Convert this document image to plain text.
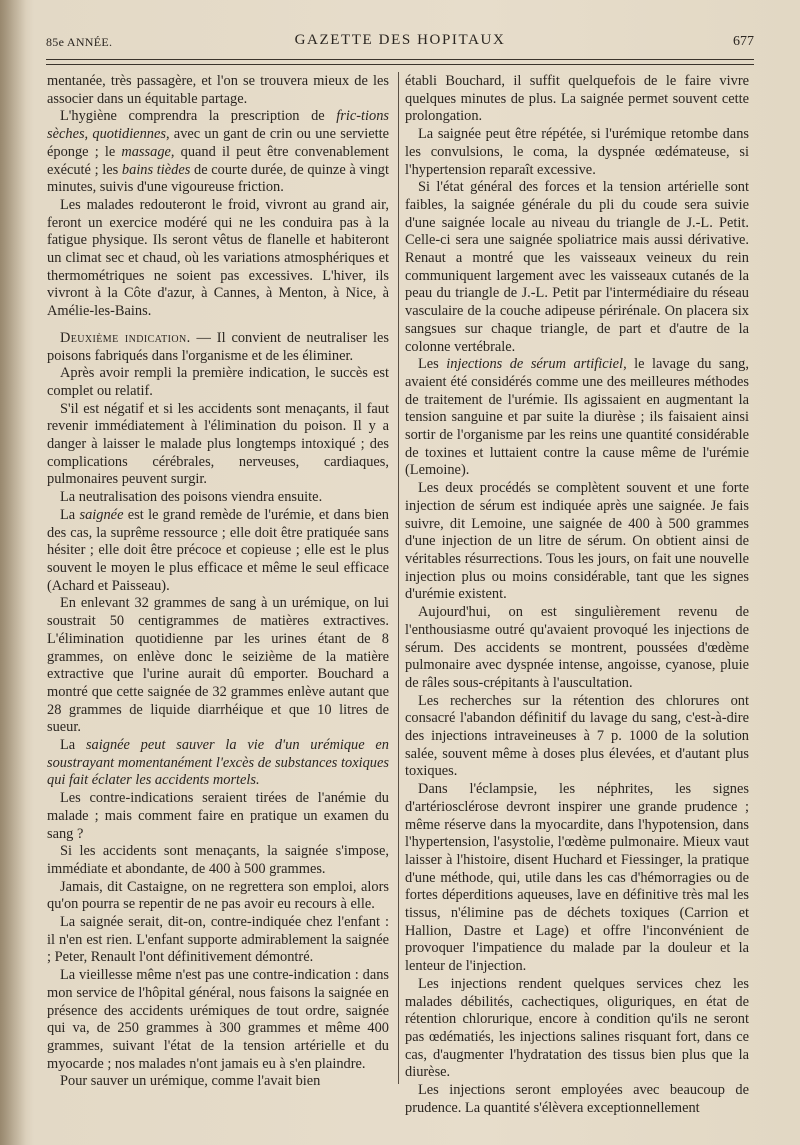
85e ANNÉE.	GAZETTE DES HOPITAUX	677

mentanée, très passagère, et l'on se trouvera mieux de les associer dans un équitable partage.

L'hygiène comprendra la prescription de fric-tions sèches, quotidiennes, avec un gant de crin ou une serviette éponge ; le massage, quand il peut être convenablement exécuté ; les bains tièdes de courte durée, de quinze à vingt minutes, suivis d'une vigoureuse friction.

Les malades redouteront le froid, vivront au grand air, feront un exercice modéré qui ne les conduira pas à la fatigue physique. Ils seront vêtus de flanelle et habiteront un climat sec et chaud, où les variations atmosphériques et thermométriques ne soient pas excessives. L'hiver, ils vivront à la Côte d'azur, à Cannes, à Menton, à Nice, à Amélie-les-Bains.

Deuxième indication. — Il convient de neutraliser les poisons fabriqués dans l'organisme et de les éliminer.

Après avoir rempli la première indication, le succès est complet ou relatif.

S'il est négatif et si les accidents sont menaçants, il faut revenir immédiatement à l'élimination du poison. Il y a danger à laisser le malade plus longtemps intoxiqué ; des complications cérébrales, nerveuses, cardiaques, pulmonaires peuvent surgir.

La neutralisation des poisons viendra ensuite.

La saignée est le grand remède de l'urémie, et dans bien des cas, la suprême ressource ; elle doit être pratiquée sans hésiter ; elle doit être précoce et copieuse ; elle est le plus souvent le moyen le plus efficace et même le seul efficace (Achard et Paisseau).

En enlevant 32 grammes de sang à un urémique, on lui soustrait 50 centigrammes de matières extractives. L'élimination quotidienne par les urines étant de 8 grammes, on enlève donc le seizième de la matière extractive que l'urine aurait dû emporter. Bouchard a montré que cette saignée de 32 grammes enlève autant que 28 grammes de liquide diarrhéique et que 10 litres de sueur.

La saignée peut sauver la vie d'un urémique en soustrayant momentanément l'excès de substances toxiques qui fait éclater les accidents mortels.

Les contre-indications seraient tirées de l'anémie du malade ; mais comment faire en pratique un examen du sang ?

Si les accidents sont menaçants, la saignée s'impose, immédiate et abondante, de 400 à 500 grammes.

Jamais, dit Castaigne, on ne regrettera son emploi, alors qu'on pourra se repentir de ne pas avoir eu recours à elle.

La saignée serait, dit-on, contre-indiquée chez l'enfant : il n'en est rien. L'enfant supporte admirablement la saignée ; Peter, Renault l'ont définitivement démontré.

La vieillesse même n'est pas une contre-indication : dans mon service de l'hôpital général, nous faisons la saignée en présence des accidents urémiques de tout ordre, saignée qui va, de 250 grammes à 300 grammes et même 400 grammes, suivant l'état de la tension artérielle et du myocarde ; nos malades n'ont jamais eu à s'en plaindre.

Pour sauver un urémique, comme l'avait bien

établi Bouchard, il suffit quelquefois de le faire vivre quelques minutes de plus. La saignée permet souvent cette prolongation.

La saignée peut être répétée, si l'urémique retombe dans les convulsions, le coma, la dyspnée œdémateuse, si l'hypertension reparaît excessive.

Si l'état général des forces et la tension artérielle sont faibles, la saignée générale du pli du coude sera suivie d'une saignée locale au niveau du triangle de J.-L. Petit. Celle-ci sera une saignée spoliatrice mais aussi dérivative. Renaut a montré que les vaisseaux veineux du rein communiquent largement avec les vaisseaux cutanés de la peau du triangle de J.-L. Petit par l'intermédiaire du réseau vasculaire de la couche adipeuse périrénale. On placera six sangsues sur chaque triangle, de part et d'autre de la colonne vertébrale.

Les injections de sérum artificiel, le lavage du sang, avaient été considérés comme une des meilleures méthodes de traitement de l'urémie. Ils agissaient en augmentant la tension sanguine et par suite la diurèse ; ils faisaient ainsi sortir de l'organisme par les reins une quantité considérable de toxines et luttaient contre la cause même de l'urémie (Lemoine).

Les deux procédés se complètent souvent et une forte injection de sérum est indiquée après une saignée. Je fais suivre, dit Lemoine, une saignée de 400 à 500 grammes d'une injection de un litre de sérum. On obtient ainsi de véritables résurrections. Tous les jours, on fait une nouvelle injection plus ou moins considérable, tant que les signes d'urémie existent.

Aujourd'hui, on est singulièrement revenu de l'enthousiasme outré qu'avaient provoqué les injections de sérum. Des accidents se montrent, poussées d'œdème pulmonaire avec dyspnée intense, angoisse, cyanose, pluie de râles sous-crépitants à l'auscultation.

Les recherches sur la rétention des chlorures ont consacré l'abandon définitif du lavage du sang, c'est-à-dire des injections intraveineuses à 7 p. 1000 de la solution salée, souvent même à doses plus élevées, et d'autant plus toxiques.

Dans l'éclampsie, les néphrites, les signes d'artériosclérose devront inspirer une grande prudence ; même réserve dans la myocardite, dans l'hypotension, dans l'hypertension, l'asystolie, l'œdème pulmonaire. Mieux vaut laisser à l'histoire, disent Huchard et Fiessinger, la pratique d'une méthode, qui, utile dans les cas d'hémorragies ou de fortes déperditions aqueuses, lave en définitive très mal les tissus, n'élimine pas de déchets toxiques (Carrion et Hallion, Dastre et Lage) et offre l'inconvénient de provoquer l'impatience du malade par la douleur et la lenteur de l'injection.

Les injections rendent quelques services chez les malades débilités, cachectiques, oliguriques, en état de rétention chlorurique, encore à condition qu'ils ne seront pas œdématiés, les injections salines risquant fort, dans ce cas, d'augmenter l'hydratation des tissus bien plus que la diurèse.

Les injections seront employées avec beaucoup de prudence. La quantité s'élèvera exceptionnellement
